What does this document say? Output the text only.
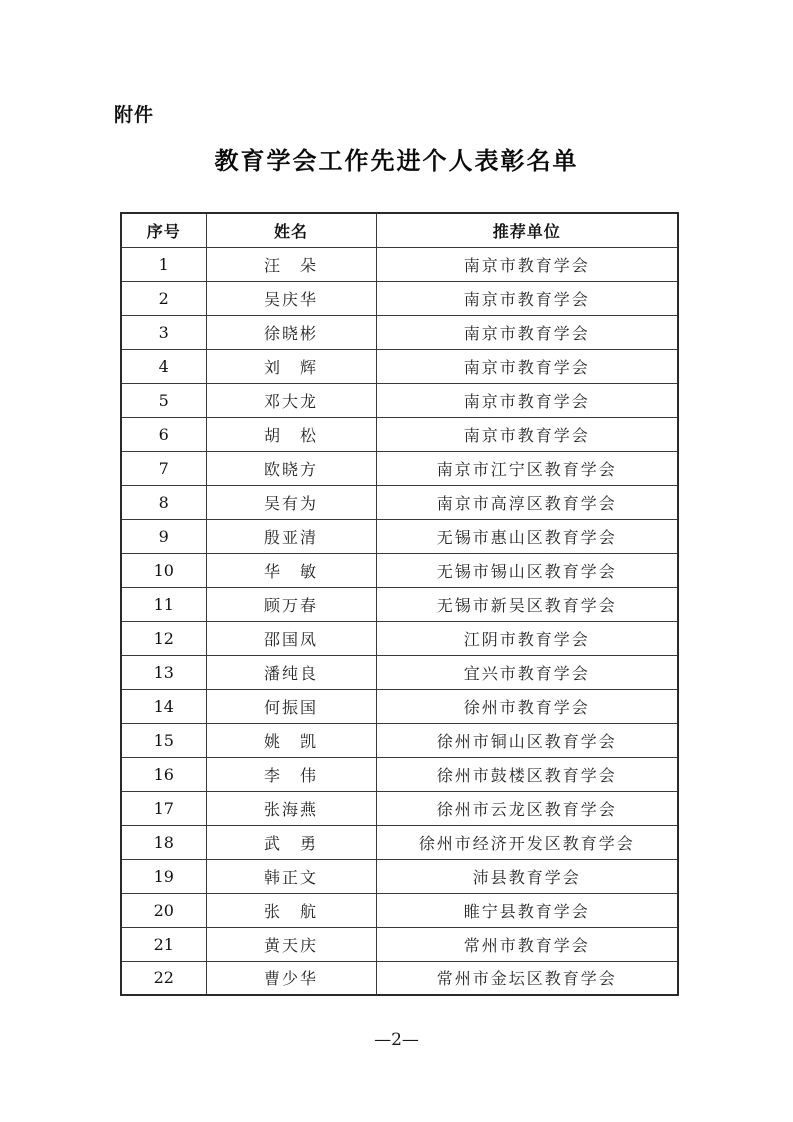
附件
教育学会工作先进个人表彰名单
序号	姓名	推荐单位
1	汪　朵	南京市教育学会
2	吴庆华	南京市教育学会
3	徐晓彬	南京市教育学会
4	刘　辉	南京市教育学会
5	邓大龙	南京市教育学会
6	胡　松	南京市教育学会
7	欧晓方	南京市江宁区教育学会
8	吴有为	南京市高淳区教育学会
9	殷亚清	无锡市惠山区教育学会
10	华　敏	无锡市锡山区教育学会
11	顾万春	无锡市新吴区教育学会
12	邵国凤	江阴市教育学会
13	潘纯良	宜兴市教育学会
14	何振国	徐州市教育学会
15	姚　凯	徐州市铜山区教育学会
16	李　伟	徐州市鼓楼区教育学会
17	张海燕	徐州市云龙区教育学会
18	武　勇	徐州市经济开发区教育学会
19	韩正文	沛县教育学会
20	张　航	睢宁县教育学会
21	黄天庆	常州市教育学会
22	曹少华	常州市金坛区教育学会
—2—
